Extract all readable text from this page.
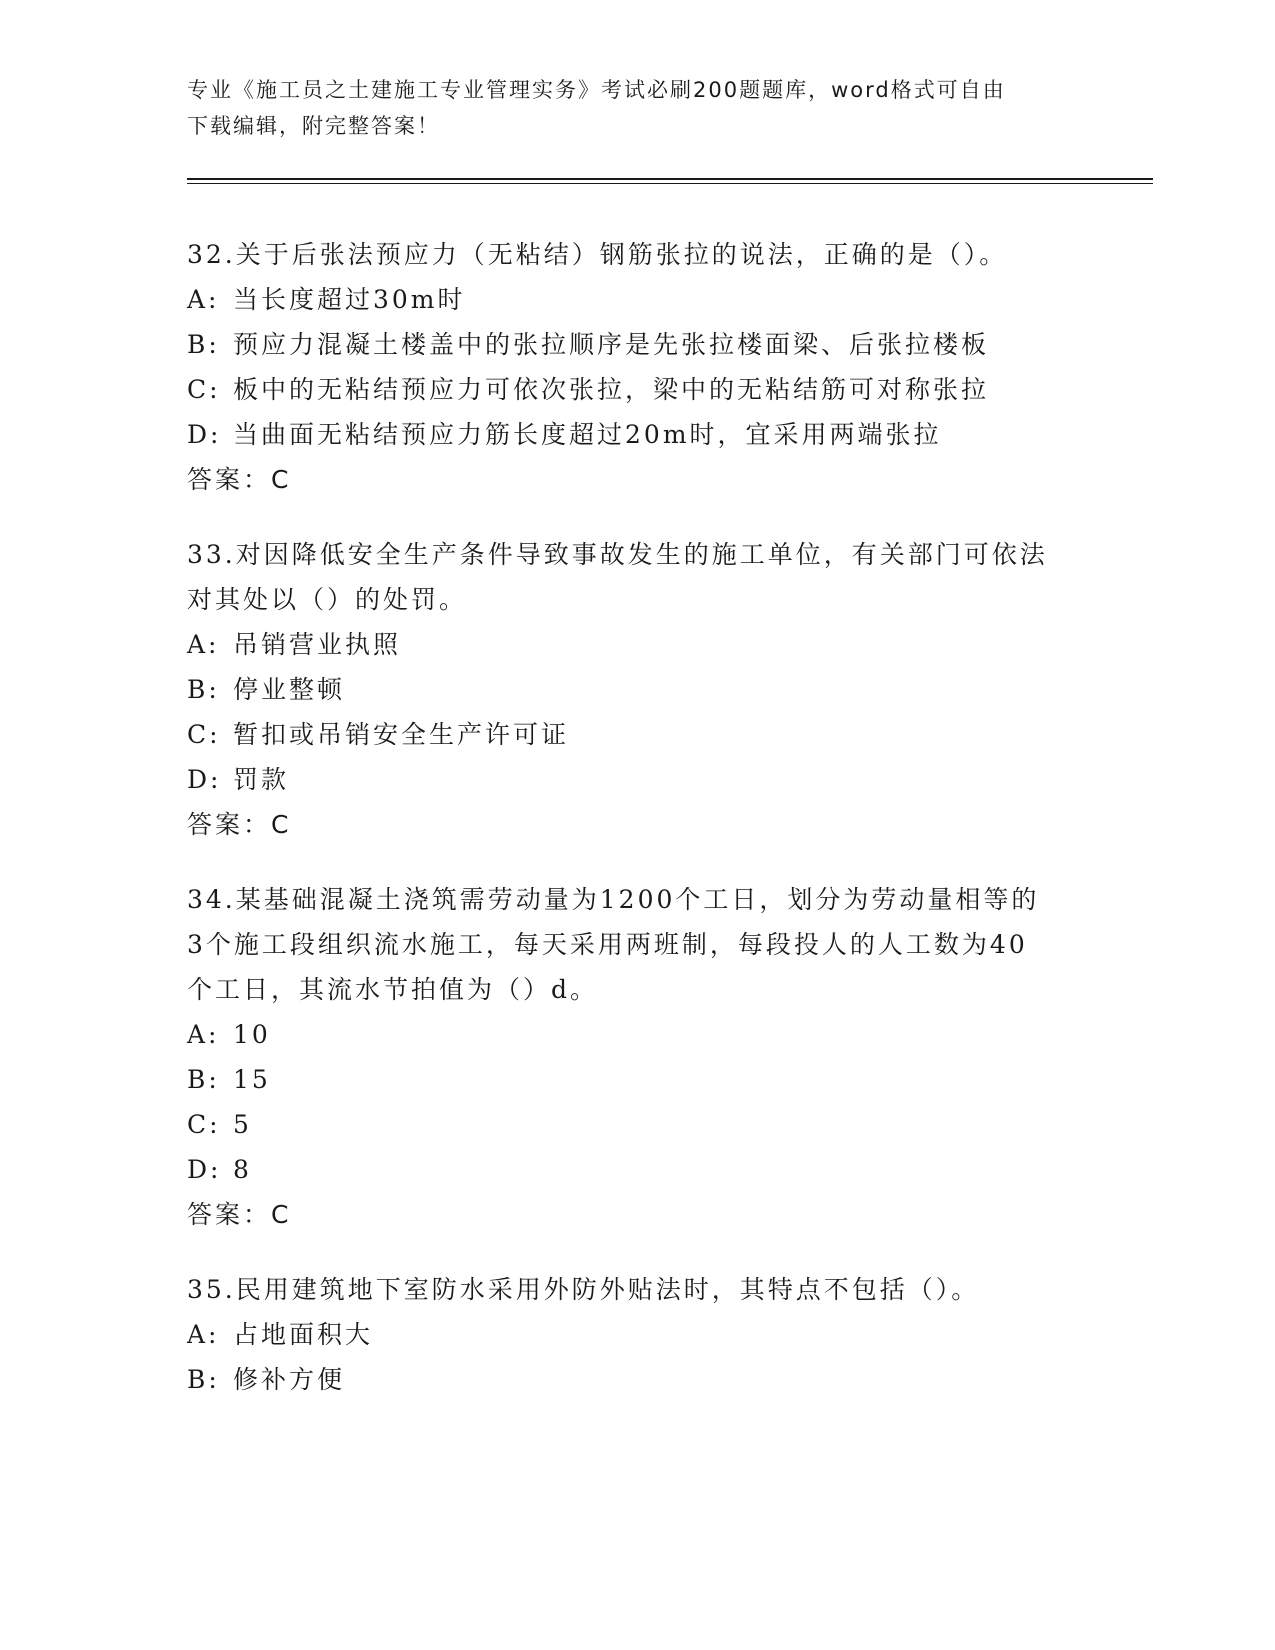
专业《施工员之土建施工专业管理实务》考试必刷200题题库，word格式可自由
下载编辑，附完整答案！

32.关于后张法预应力（无粘结）钢筋张拉的说法，正确的是（）。

A: 当长度超过30m时

B: 预应力混凝土楼盖中的张拉顺序是先张拉楼面梁、后张拉楼板

C: 板中的无粘结预应力可依次张拉，梁中的无粘结筋可对称张拉

D: 当曲面无粘结预应力筋长度超过20m时，宜采用两端张拉

答案：C

33.对因降低安全生产条件导致事故发生的施工单位，有关部门可依法

对其处以（）的处罚。

A: 吊销营业执照

B: 停业整顿

C: 暂扣或吊销安全生产许可证

D: 罚款

答案：C

34.某基础混凝土浇筑需劳动量为1200个工日，划分为劳动量相等的

3个施工段组织流水施工，每天采用两班制，每段投人的人工数为40

个工日，其流水节拍值为（）d。

A: 10

B: 15

C: 5

D: 8

答案：C

35.民用建筑地下室防水采用外防外贴法时，其特点不包括（）。

A: 占地面积大

B: 修补方便
